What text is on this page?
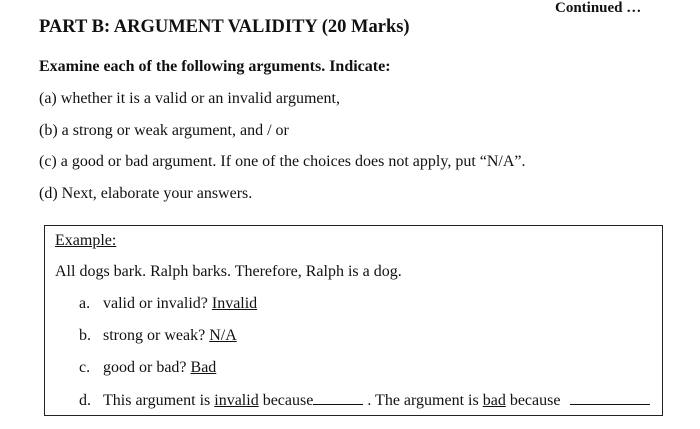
Continued …
PART B: ARGUMENT VALIDITY (20 Marks)
Examine each of the following arguments. Indicate:
(a) whether it is a valid or an invalid argument,
(b) a strong or weak argument, and / or
(c) a good or bad argument. If one of the choices does not apply, put “N/A”.
(d) Next, elaborate your answers.
Example:
All dogs bark. Ralph barks. Therefore, Ralph is a dog.
a. valid or invalid? Invalid
b. strong or weak? N/A
c. good or bad? Bad
d. This argument is invalid because	. The argument is bad because
